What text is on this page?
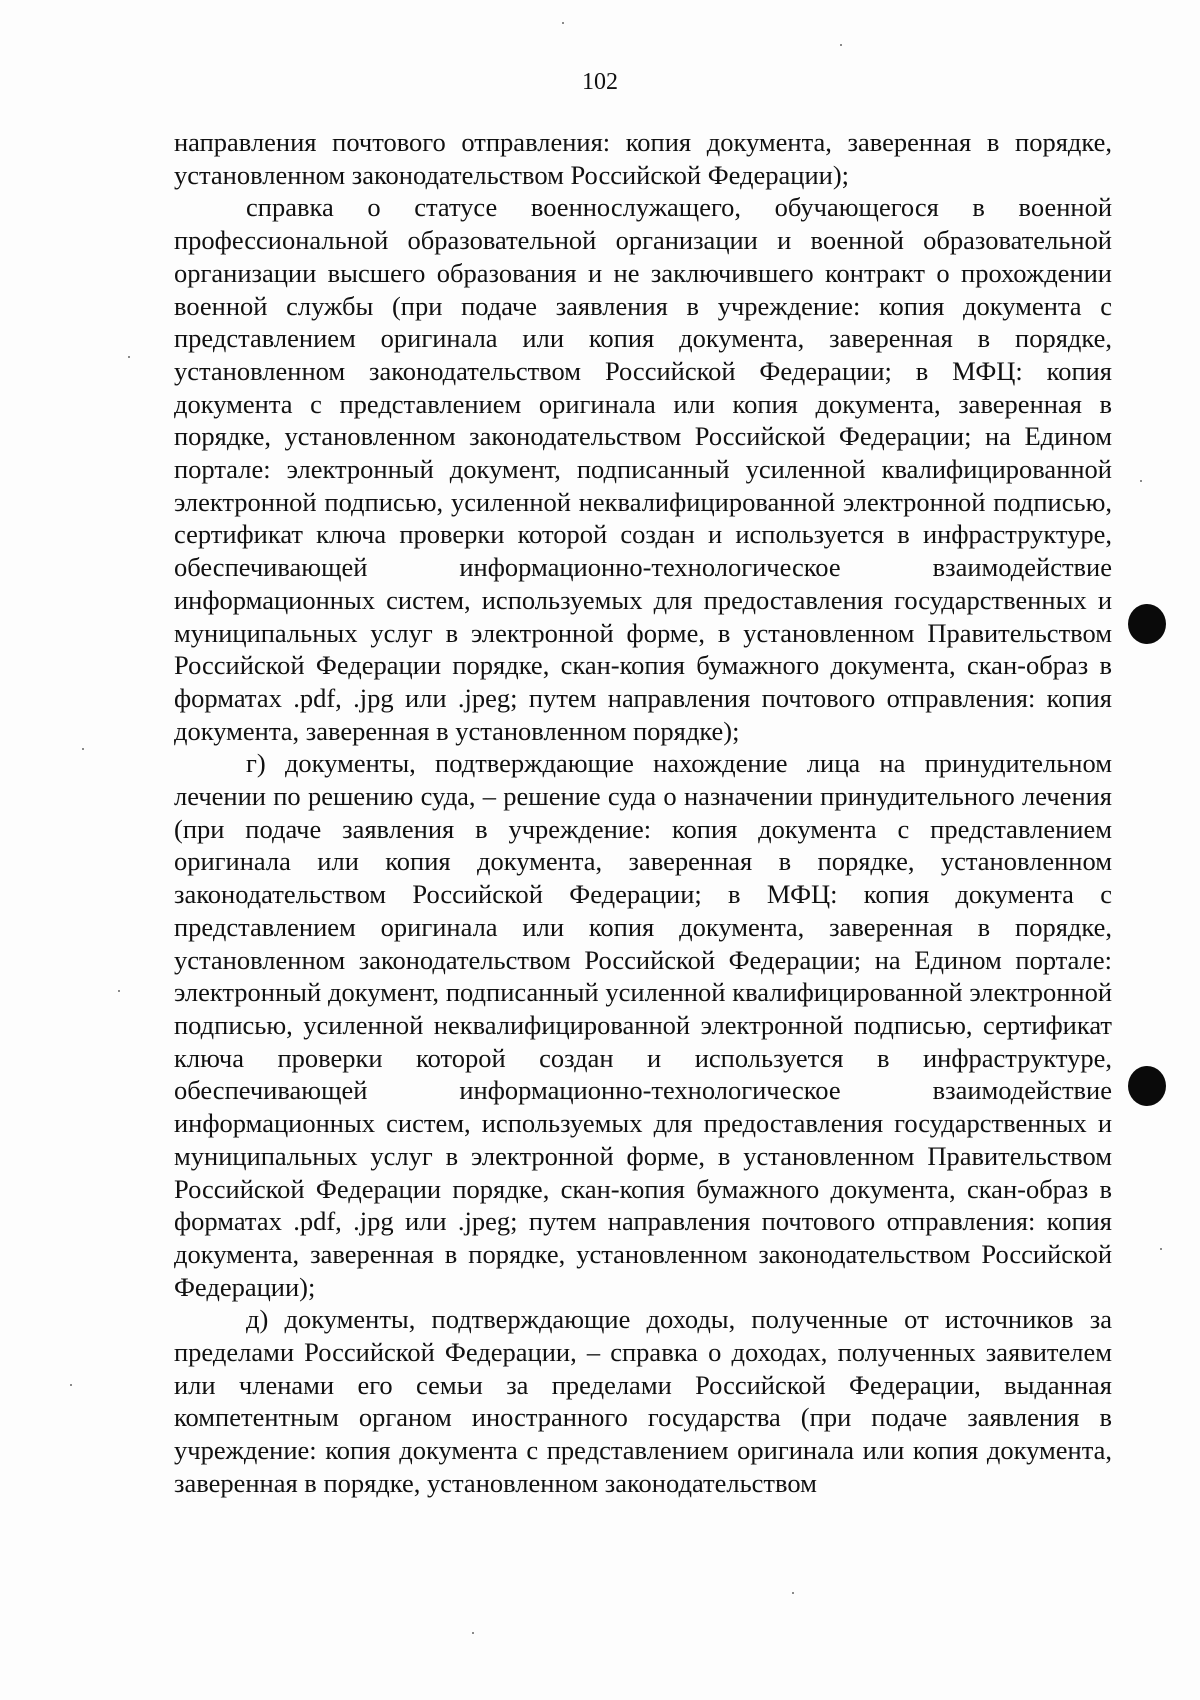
102

направления почтового отправления: копия документа, заверенная в порядке, установленном законодательством Российской Федерации);

справка о статусе военнослужащего, обучающегося в военной профессиональной образовательной организации и военной образовательной организации высшего образования и не заключившего контракт о прохождении военной службы (при подаче заявления в учреждение: копия документа с представлением оригинала или копия документа, заверенная в порядке, установленном законодательством Российской Федерации; в МФЦ: копия документа с представлением оригинала или копия документа, заверенная в порядке, установленном законодательством Российской Федерации; на Едином портале: электронный документ, подписанный усиленной квалифицированной электронной подписью, усиленной неквалифицированной электронной подписью, сертификат ключа проверки которой создан и используется в инфраструктуре, обеспечивающей информационно-технологическое взаимодействие информационных систем, используемых для предоставления государственных и муниципальных услуг в электронной форме, в установленном Правительством Российской Федерации порядке, скан-копия бумажного документа, скан-образ в форматах .pdf, .jpg или .jpeg; путем направления почтового отправления: копия документа, заверенная в установленном порядке);

г) документы, подтверждающие нахождение лица на принудительном лечении по решению суда, – решение суда о назначении принудительного лечения (при подаче заявления в учреждение: копия документа с представлением оригинала или копия документа, заверенная в порядке, установленном законодательством Российской Федерации; в МФЦ: копия документа с представлением оригинала или копия документа, заверенная в порядке, установленном законодательством Российской Федерации; на Едином портале: электронный документ, подписанный усиленной квалифицированной электронной подписью, усиленной неквалифицированной электронной подписью, сертификат ключа проверки которой создан и используется в инфраструктуре, обеспечивающей информационно-технологическое взаимодействие информационных систем, используемых для предоставления государственных и муниципальных услуг в электронной форме, в установленном Правительством Российской Федерации порядке, скан-копия бумажного документа, скан-образ в форматах .pdf, .jpg или .jpeg; путем направления почтового отправления: копия документа, заверенная в порядке, установленном законодательством Российской Федерации);

д) документы, подтверждающие доходы, полученные от источников за пределами Российской Федерации, – справка о доходах, полученных заявителем или членами его семьи за пределами Российской Федерации, выданная компетентным органом иностранного государства (при подаче заявления в учреждение: копия документа с представлением оригинала или копия документа, заверенная в порядке, установленном законодательством
